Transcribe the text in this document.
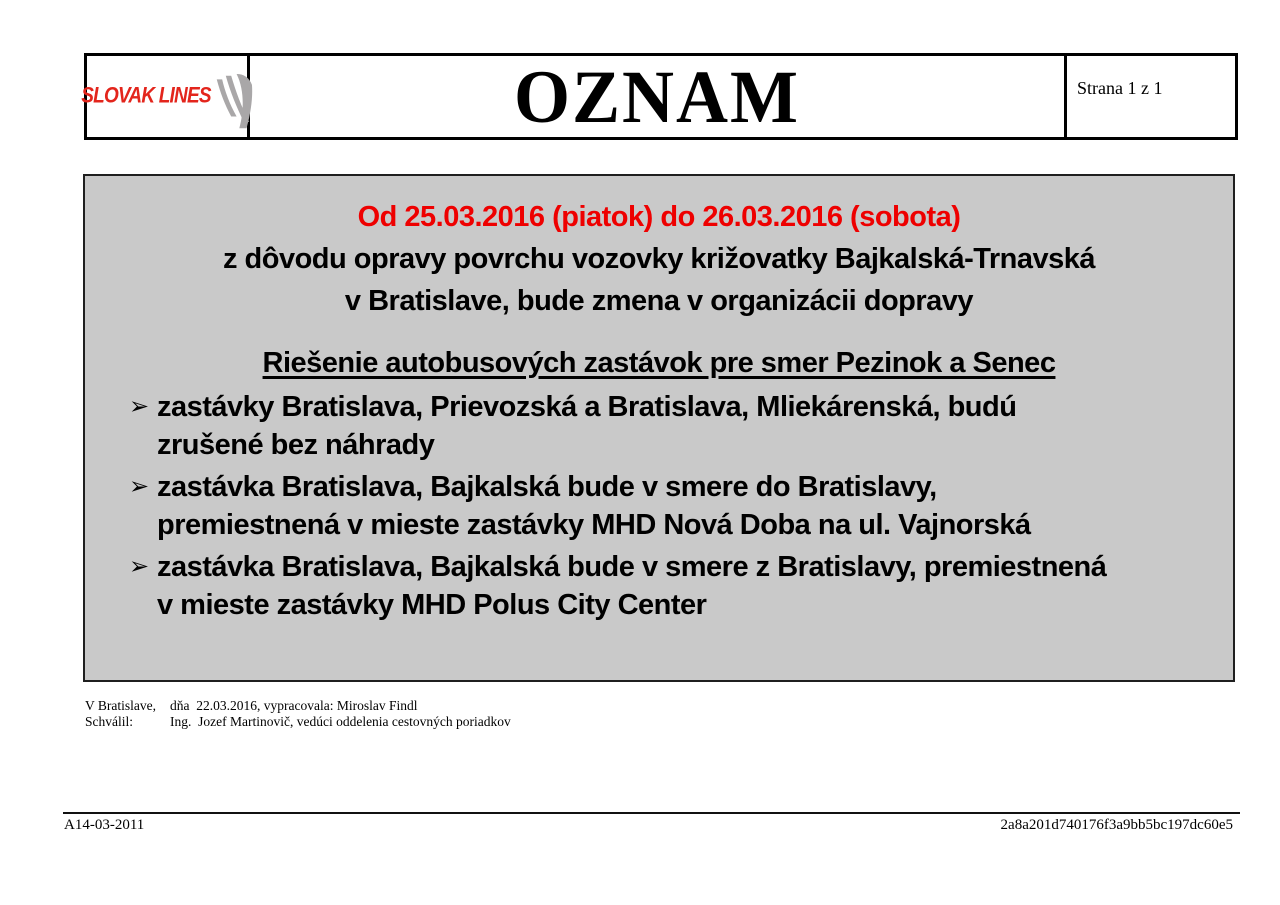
SLOVAK LINES	OZNAM	Strana 1 z 1
Od 25.03.2016 (piatok) do 26.03.2016 (sobota)
z dôvodu opravy povrchu vozovky križovatky Bajkalská-Trnavská
v Bratislave, bude zmena v organizácii dopravy
Riešenie autobusových zastávok pre smer Pezinok a Senec
➢ zastávky Bratislava, Prievozská a Bratislava, Mliekárenská, budú
zrušené bez náhrady
➢ zastávka Bratislava, Bajkalská bude v smere do Bratislavy,
premiestnená v mieste zastávky MHD Nová Doba na ul. Vajnorská
➢ zastávka Bratislava, Bajkalská bude v smere z Bratislavy, premiestnená
v mieste zastávky MHD Polus City Center
V Bratislave,	dňa  22.03.2016, vypracovala: Miroslav Findl
Schválil:	Ing.  Jozef Martinovič, vedúci oddelenia cestovných poriadkov
A14-03-2011	2a8a201d740176f3a9bb5bc197dc60e5
